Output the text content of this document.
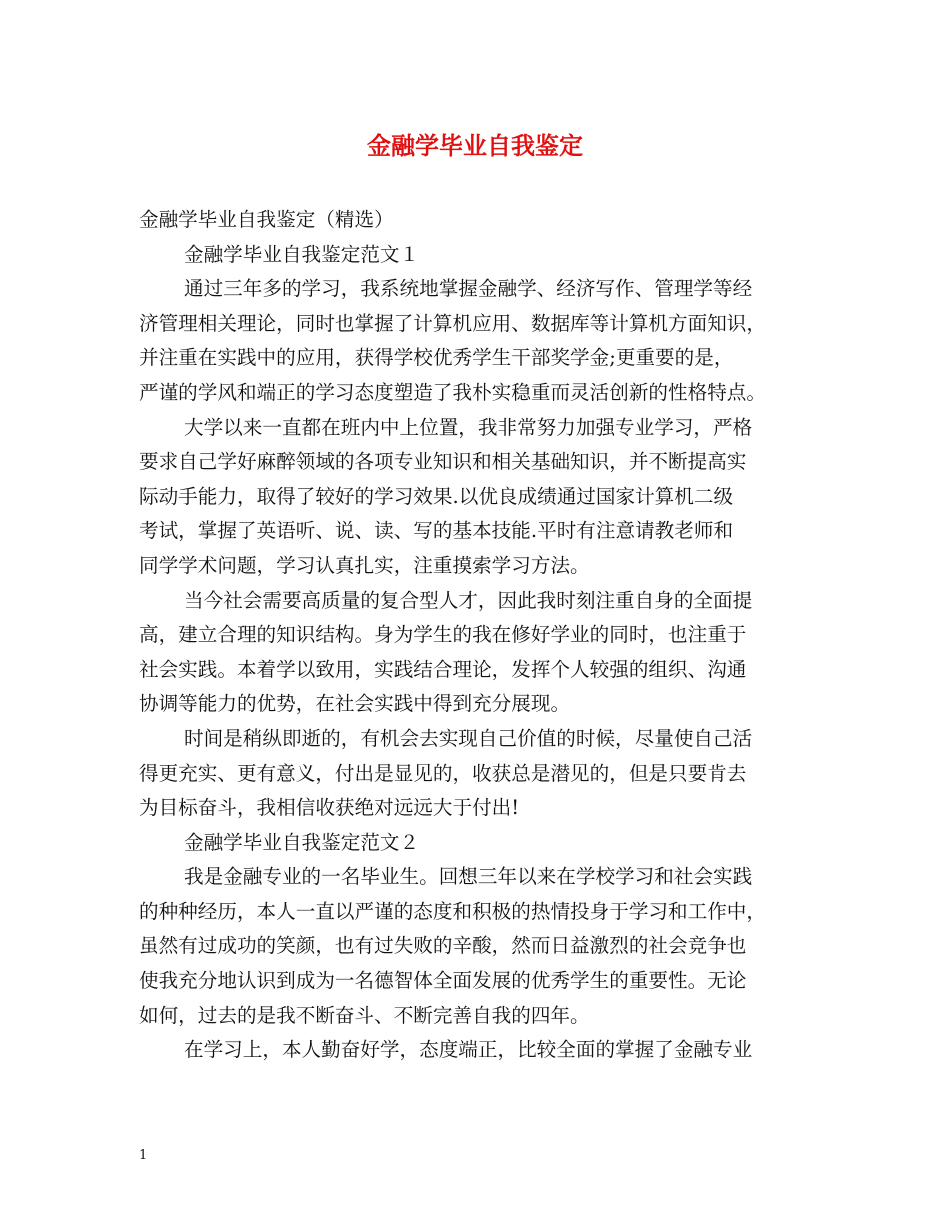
金融学毕业自我鉴定

金融学毕业自我鉴定（精选）

金融学毕业自我鉴定范文１

通过三年多的学习，我系统地掌握金融学、经济写作、管理学等经

济管理相关理论，同时也掌握了计算机应用、数据库等计算机方面知识，

并注重在实践中的应用，获得学校优秀学生干部奖学金;更重要的是，

严谨的学风和端正的学习态度塑造了我朴实稳重而灵活创新的性格特点。

大学以来一直都在班内中上位置，我非常努力加强专业学习，严格

要求自己学好麻醉领域的各项专业知识和相关基础知识，并不断提高实

际动手能力，取得了较好的学习效果.以优良成绩通过国家计算机二级

考试，掌握了英语听、说、读、写的基本技能.平时有注意请教老师和

同学学术问题，学习认真扎实，注重摸索学习方法。

当今社会需要高质量的复合型人才，因此我时刻注重自身的全面提

高，建立合理的知识结构。身为学生的我在修好学业的同时，也注重于

社会实践。本着学以致用，实践结合理论，发挥个人较强的组织、沟通

协调等能力的优势，在社会实践中得到充分展现。

时间是稍纵即逝的，有机会去实现自己价值的时候，尽量使自己活

得更充实、更有意义，付出是显见的，收获总是潜见的，但是只要肯去

为目标奋斗，我相信收获绝对远远大于付出!

金融学毕业自我鉴定范文２

我是金融专业的一名毕业生。回想三年以来在学校学习和社会实践

的种种经历，本人一直以严谨的态度和积极的热情投身于学习和工作中，

虽然有过成功的笑颜，也有过失败的辛酸，然而日益激烈的社会竞争也

使我充分地认识到成为一名德智体全面发展的优秀学生的重要性。无论

如何，过去的是我不断奋斗、不断完善自我的四年。

在学习上，本人勤奋好学，态度端正，比较全面的掌握了金融专业

1
